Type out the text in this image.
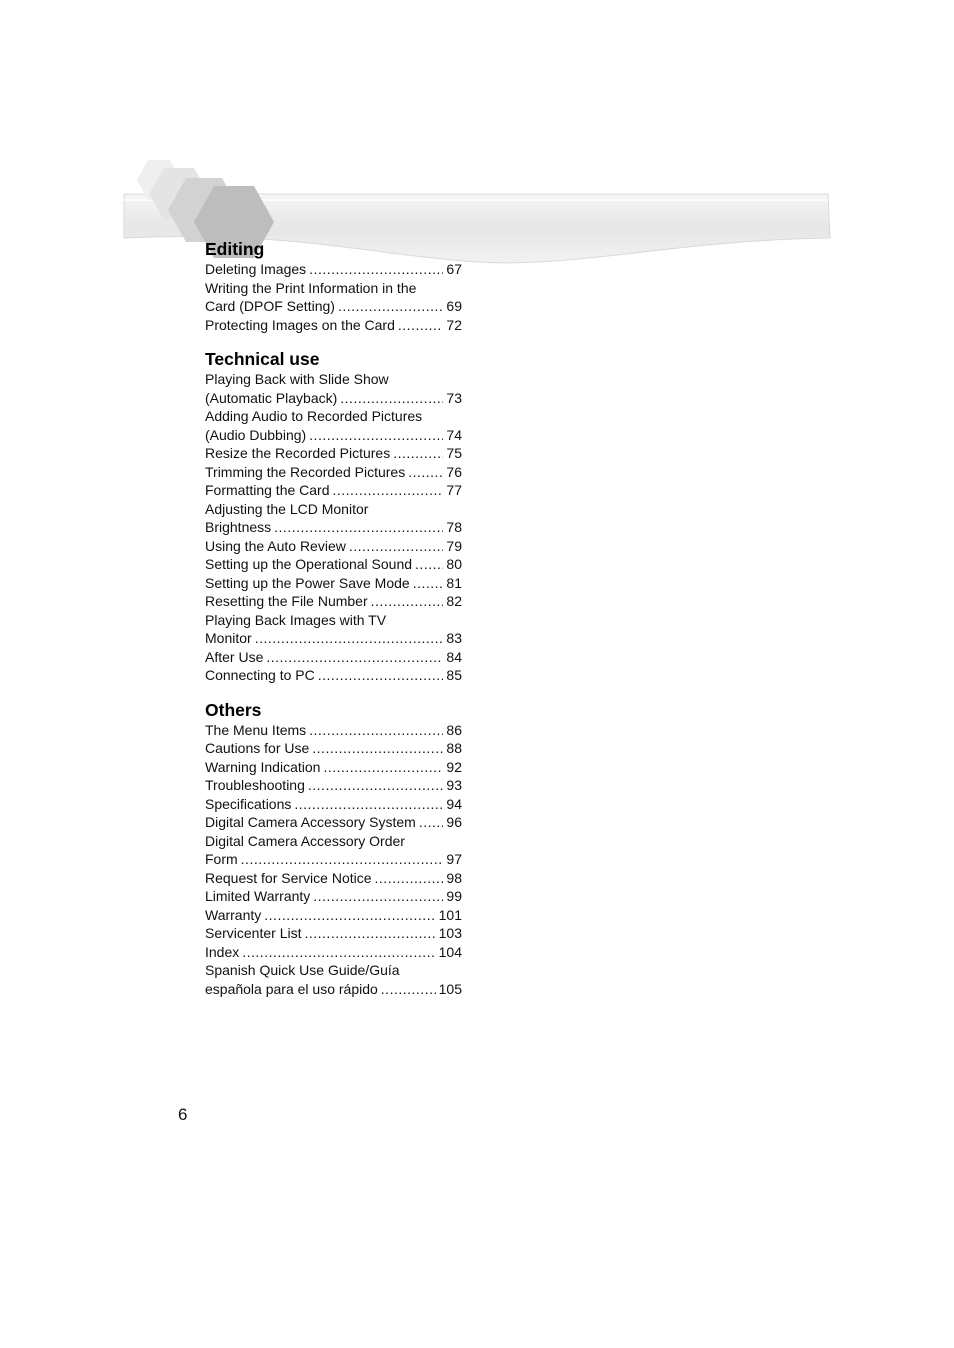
Editing
Deleting Images .....	67
Writing the Print Information in the
Card (DPOF Setting) .....	69
Protecting Images on the Card .....	72
Technical use
Playing Back with Slide Show
(Automatic Playback) .....	73
Adding Audio to Recorded Pictures
(Audio Dubbing) .....	74
Resize the Recorded Pictures .....	75
Trimming the Recorded Pictures .....	76
Formatting the Card .....	77
Adjusting the LCD Monitor
Brightness .....	78
Using the Auto Review .....	79
Setting up the Operational Sound ..... 80
Setting up the Power Save Mode .....	81
Resetting the File Number .....	82
Playing Back Images with TV
Monitor .....	83
After Use .....	84
Connecting to PC .....	85
Others
The Menu Items .....	86
Cautions for Use .....	88
Warning Indication .....	92
Troubleshooting .....	93
Specifications .....	94
Digital Camera Accessory System ..... 96
Digital Camera Accessory Order
Form .....	97
Request for Service Notice .....	98
Limited Warranty .....	99
Warranty .....	101
Servicenter List .....	103
Index .....	104
Spanish Quick Use Guide/Guía
española para el uso rápido .....	105
6
